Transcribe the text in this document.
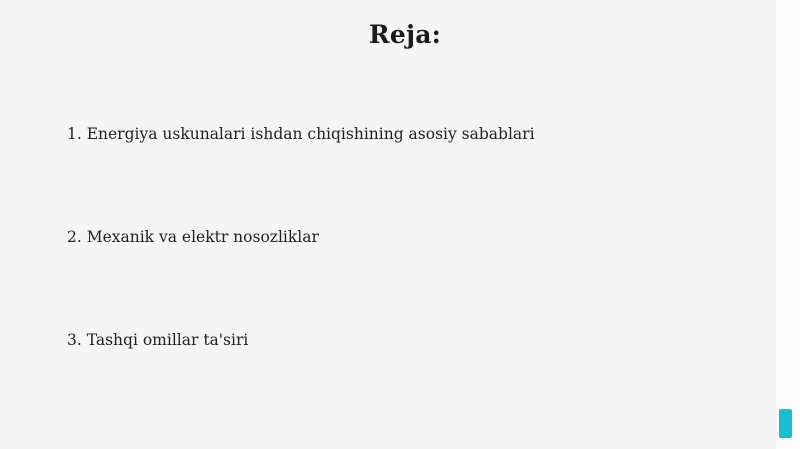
Reja:
1. Energiya uskunalari ishdan chiqishining asosiy sabablari
2. Mexanik va elektr nosozliklar
3. Tashqi omillar ta'siri
